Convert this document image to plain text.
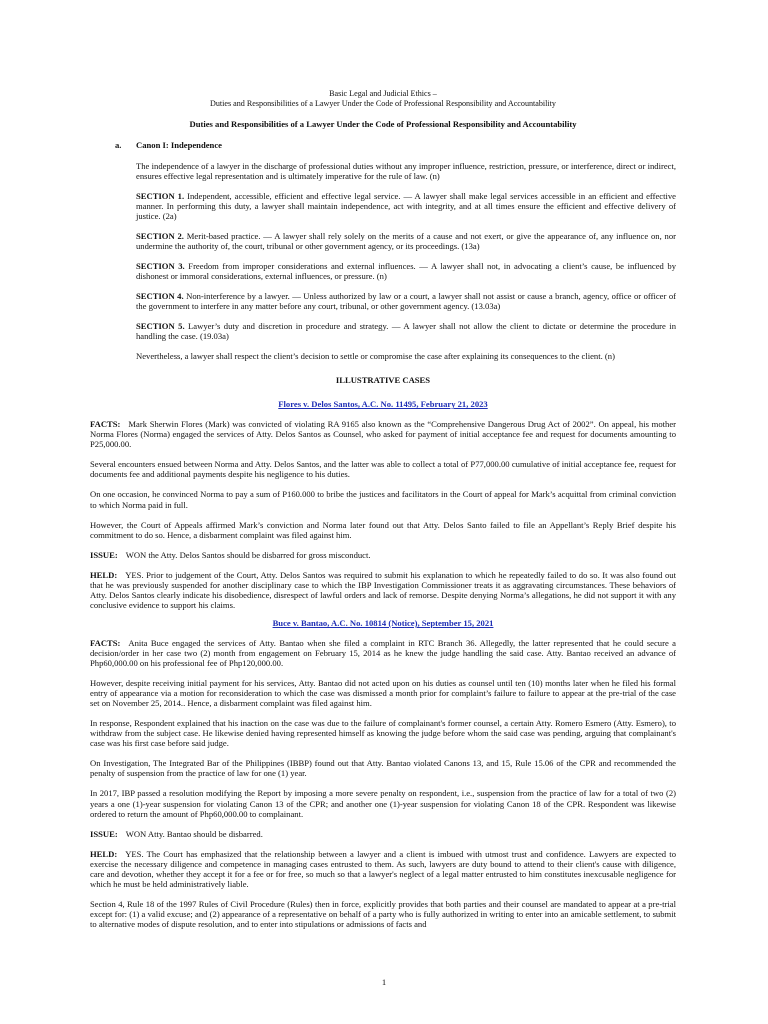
Basic Legal and Judicial Ethics –
Duties and Responsibilities of a Lawyer Under the Code of Professional Responsibility and Accountability
Duties and Responsibilities of a Lawyer Under the Code of Professional Responsibility and Accountability
a.	Canon I: Independence

The independence of a lawyer in the discharge of professional duties without any improper influence, restriction, pressure, or interference, direct or indirect, ensures effective legal representation and is ultimately imperative for the rule of law. (n)

SECTION 1. Independent, accessible, efficient and effective legal service. — A lawyer shall make legal services accessible in an efficient and effective manner. In performing this duty, a lawyer shall maintain independence, act with integrity, and at all times ensure the efficient and effective delivery of justice. (2a)

SECTION 2. Merit-based practice. — A lawyer shall rely solely on the merits of a cause and not exert, or give the appearance of, any influence on, nor undermine the authority of, the court, tribunal or other government agency, or its proceedings. (13a)

SECTION 3. Freedom from improper considerations and external influences. — A lawyer shall not, in advocating a client’s cause, be influenced by dishonest or immoral considerations, external influences, or pressure. (n)

SECTION 4. Non-interference by a lawyer. — Unless authorized by law or a court, a lawyer shall not assist or cause a branch, agency, office or officer of the government to interfere in any matter before any court, tribunal, or other government agency. (13.03a)

SECTION 5. Lawyer’s duty and discretion in procedure and strategy. — A lawyer shall not allow the client to dictate or determine the procedure in handling the case. (19.03a)

Nevertheless, a lawyer shall respect the client’s decision to settle or compromise the case after explaining its consequences to the client. (n)

ILLUSTRATIVE CASES
Flores v. Delos Santos, A.C. No. 11495, February 21, 2023

FACTS: Mark Sherwin Flores (Mark) was convicted of violating RA 9165 also known as the “Comprehensive Dangerous Drug Act of 2002”. On appeal, his mother Norma Flores (Norma) engaged the services of Atty. Delos Santos as Counsel, who asked for payment of initial acceptance fee and request for documents amounting to P25,000.00.

Several encounters ensued between Norma and Atty. Delos Santos, and the latter was able to collect a total of P77,000.00 cumulative of initial acceptance fee, request for documents fee and additional payments despite his negligence to his duties.

On one occasion, he convinced Norma to pay a sum of P160.000 to bribe the justices and facilitators in the Court of appeal for Mark’s acquittal from criminal conviction to which Norma paid in full.

However, the Court of Appeals affirmed Mark’s conviction and Norma later found out that Atty. Delos Santo failed to file an Appellant’s Reply Brief despite his commitment to do so. Hence, a disbarment complaint was filed against him.

ISSUE: WON the Atty. Delos Santos should be disbarred for gross misconduct.

HELD: YES. Prior to judgement of the Court, Atty. Delos Santos was required to submit his explanation to which he repeatedly failed to do so. It was also found out that he was previously suspended for another disciplinary case to which the IBP Investigation Commissioner treats it as aggravating circumstances. These behaviors of Atty. Delos Santos clearly indicate his disobedience, disrespect of lawful orders and lack of remorse. Despite denying Norma’s allegations, he did not support it with any conclusive evidence to support his claims.

Buce v. Bantao, A.C. No. 10814 (Notice), September 15, 2021

FACTS: Anita Buce engaged the services of Atty. Bantao when she filed a complaint in RTC Branch 36. Allegedly, the latter represented that he could secure a decision/order in her case two (2) month from engagement on February 15, 2014 as he knew the judge handling the said case. Atty. Bantao received an advance of Php60,000.00 on his professional fee of Php120,000.00.

However, despite receiving initial payment for his services, Atty. Bantao did not acted upon on his duties as counsel until ten (10) months later when he filed his formal entry of appearance via a motion for reconsideration to which the case was dismissed a month prior for complaint’s failure to failure to appear at the pre-trial of the case set on November 25, 2014.. Hence, a disbarment complaint was filed against him.

In response, Respondent explained that his inaction on the case was due to the failure of complainant's former counsel, a certain Atty. Romero Esmero (Atty. Esmero), to withdraw from the subject case. He likewise denied having represented himself as knowing the judge before whom the said case was pending, arguing that complainant's case was his first case before said judge.

On Investigation, The Integrated Bar of the Philippines (IBBP) found out that Atty. Bantao violated Canons 13, and 15, Rule 15.06 of the CPR and recommended the penalty of suspension from the practice of law for one (1) year.

In 2017, IBP passed a resolution modifying the Report by imposing a more severe penalty on respondent, i.e., suspension from the practice of law for a total of two (2) years a one (1)-year suspension for violating Canon 13 of the CPR; and another one (1)-year suspension for violating Canon 18 of the CPR. Respondent was likewise ordered to return the amount of Php60,000.00 to complainant.

ISSUE: WON Atty. Bantao should be disbarred.

HELD: YES. The Court has emphasized that the relationship between a lawyer and a client is imbued with utmost trust and confidence. Lawyers are expected to exercise the necessary diligence and competence in managing cases entrusted to them. As such, lawyers are duty bound to attend to their client's cause with diligence, care and devotion, whether they accept it for a fee or for free, so much so that a lawyer's neglect of a legal matter entrusted to him constitutes inexcusable negligence for which he must be held administratively liable.

Section 4, Rule 18 of the 1997 Rules of Civil Procedure (Rules) then in force, explicitly provides that both parties and their counsel are mandated to appear at a pre-trial except for: (1) a valid excuse; and (2) appearance of a representative on behalf of a party who is fully authorized in writing to enter into an amicable settlement, to submit to alternative modes of dispute resolution, and to enter into stipulations or admissions of facts and

1
